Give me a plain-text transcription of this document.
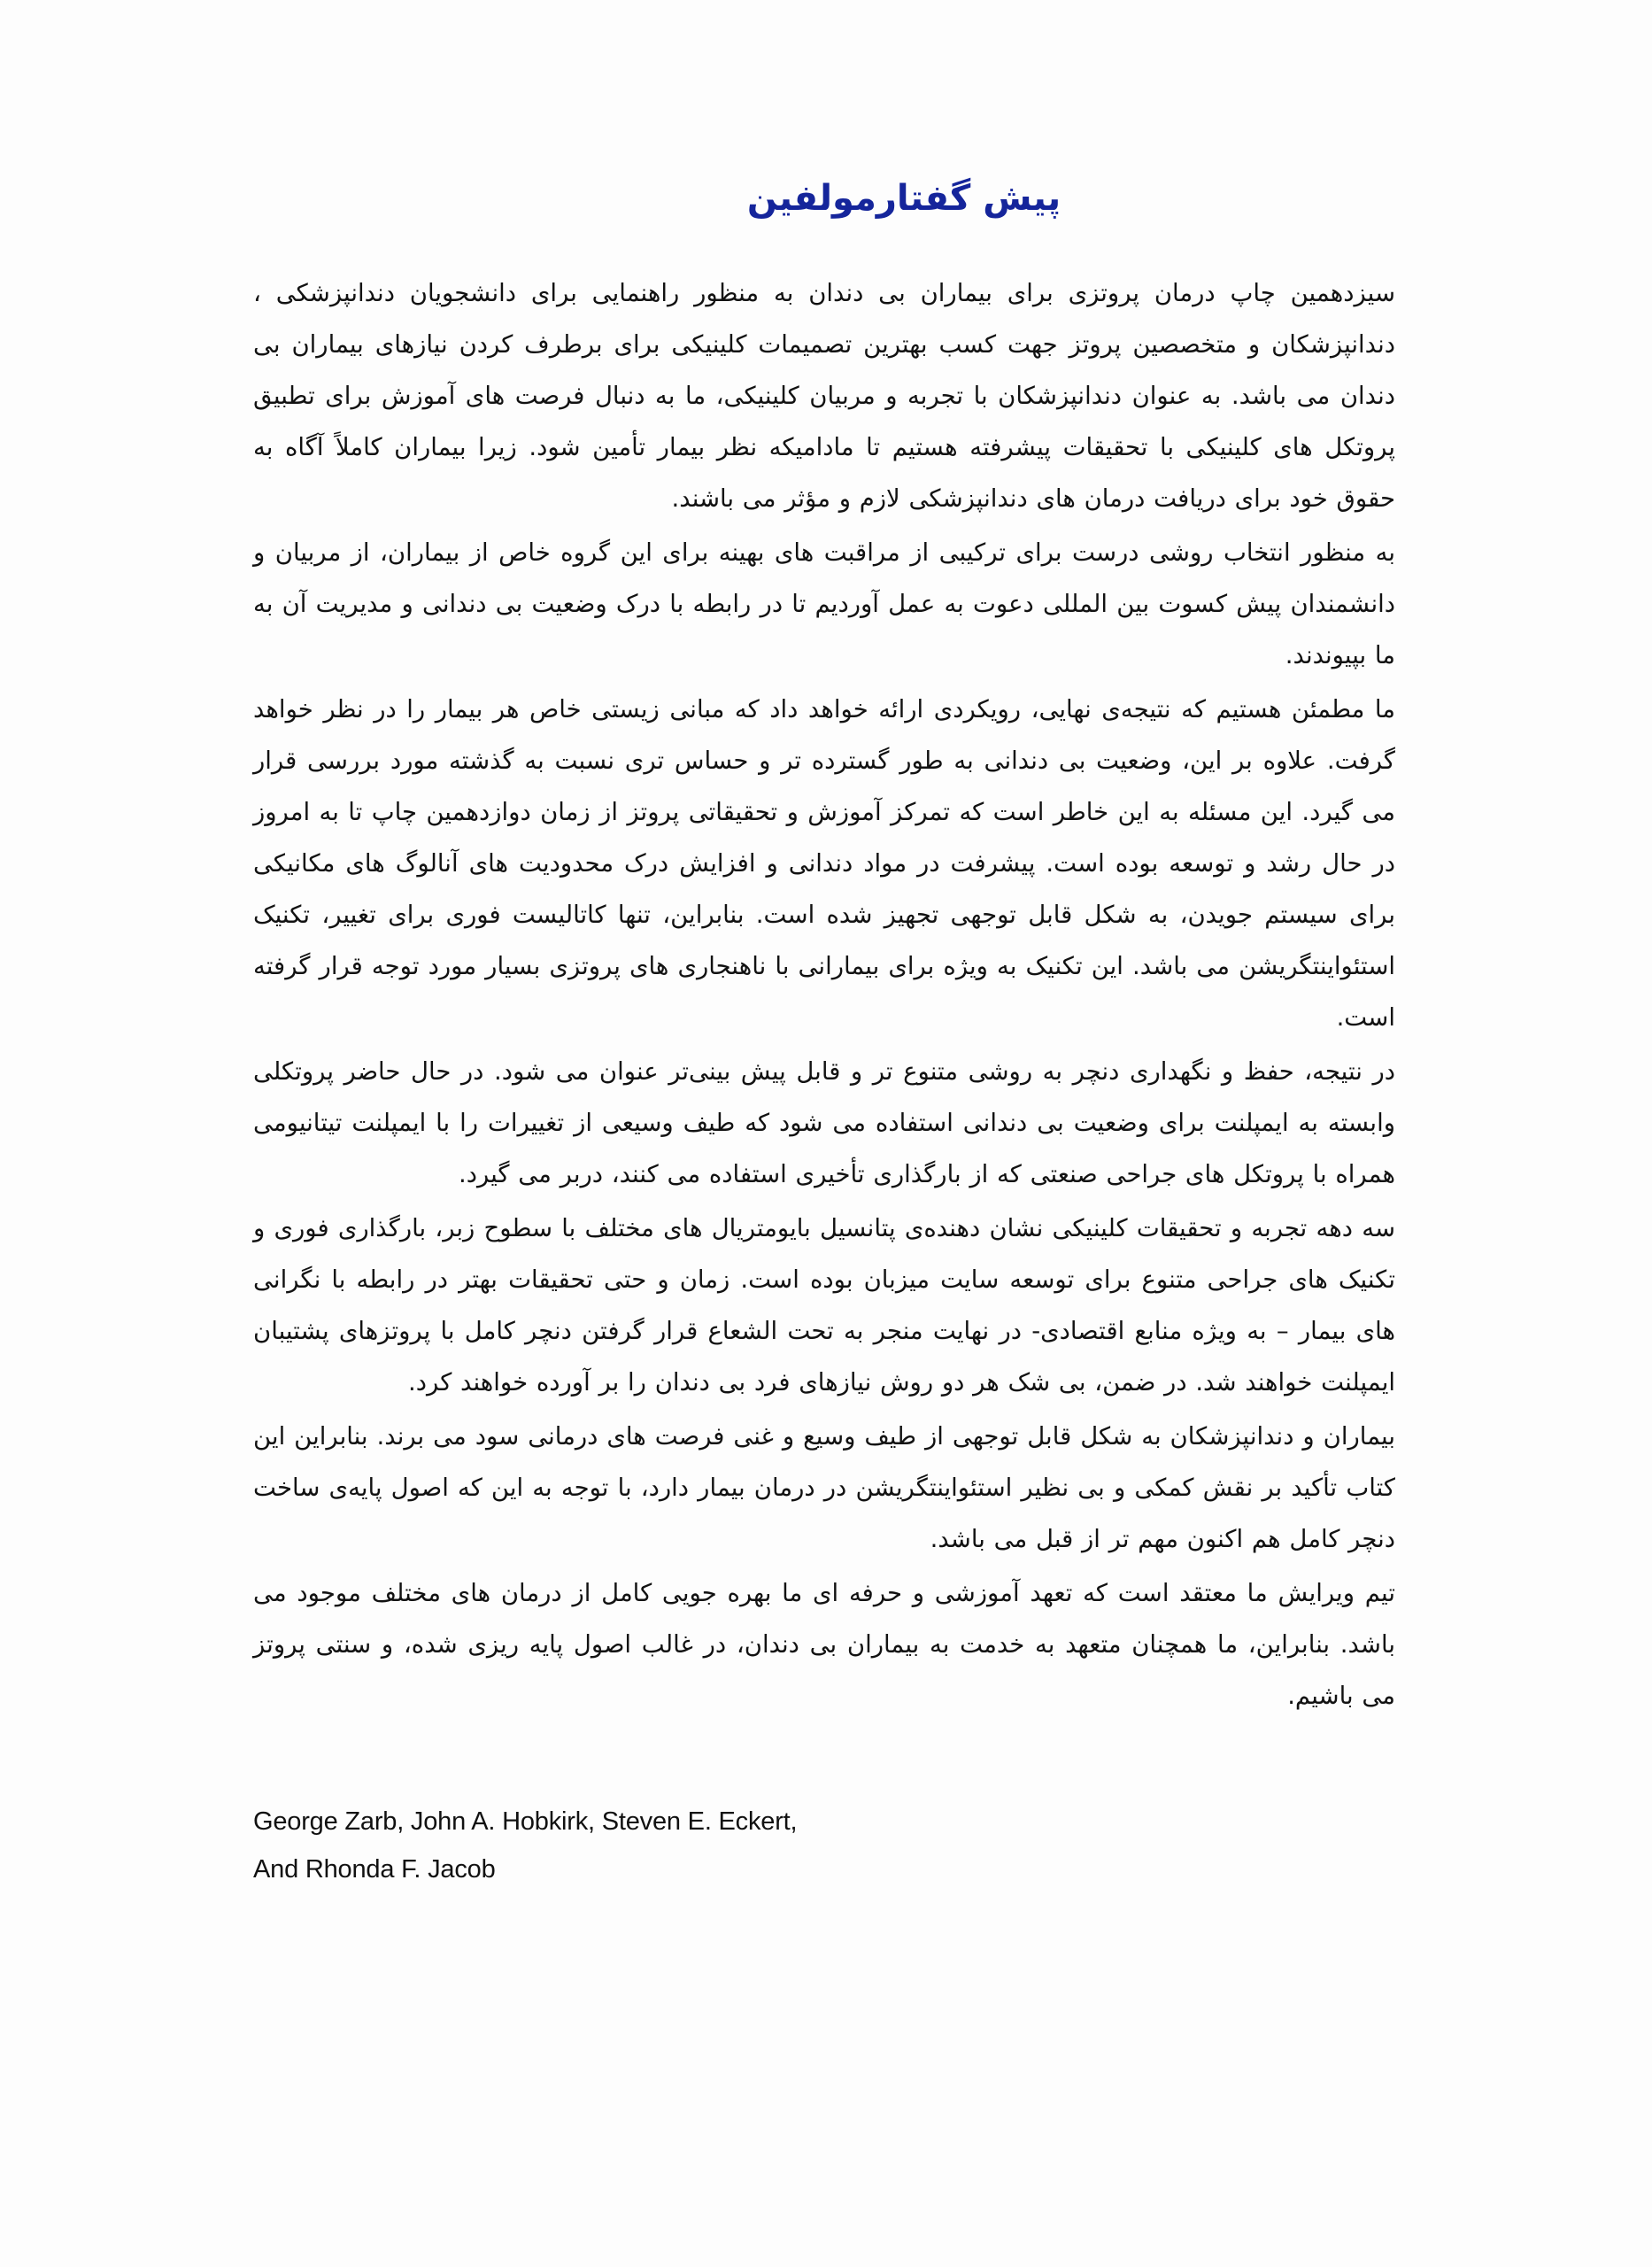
پیش گفتارمولفین

سیزدهمین چاپ درمان پروتزی برای بیماران بی دندان به منظور راهنمایی برای دانشجویان دندانپزشکی ، دندانپزشکان و متخصصین پروتز جهت کسب بهترین تصمیمات کلینیکی برای برطرف کردن نیازهای بیماران بی دندان می باشد. به عنوان دندانپزشکان با تجربه و مربیان کلینیکی، ما به دنبال فرصت های آموزش برای تطبیق پروتکل های کلینیکی با تحقیقات پیشرفته هستیم تا مادامیکه نظر بیمار تأمین شود. زیرا بیماران کاملاً آگاه به حقوق خود برای دریافت درمان های دندانپزشکی لازم و مؤثر می باشند.

به منظور انتخاب روشی درست برای ترکیبی از مراقبت های بهینه برای این گروه خاص از بیماران، از مربیان و دانشمندان پیش کسوت بین المللی دعوت به عمل آوردیم تا در رابطه با درک وضعیت بی دندانی و مدیریت آن به ما بپیوندند.

ما مطمئن هستیم که نتیجه‌ی نهایی، رویکردی ارائه خواهد داد که مبانی زیستی خاص هر بیمار را در نظر خواهد گرفت. علاوه بر این، وضعیت بی دندانی به طور گسترده تر و حساس تری نسبت به گذشته مورد بررسی قرار می گیرد. این مسئله به این خاطر است که تمرکز آموزش و تحقیقاتی پروتز از زمان دوازدهمین چاپ تا به امروز در حال رشد و توسعه بوده است. پیشرفت در مواد دندانی و افزایش درک محدودیت های آنالوگ های مکانیکی برای سیستم جویدن، به شکل قابل توجهی تجهیز شده است. بنابراین، تنها کاتالیست فوری برای تغییر، تکنیک استئواینتگریشن می باشد. این تکنیک به ویژه برای بیمارانی با ناهنجاری های پروتزی بسیار مورد توجه قرار گرفته است.

در نتیجه، حفظ و نگهداری دنچر به روشی متنوع تر و قابل پیش بینی‌تر عنوان می شود. در حال حاضر پروتکلی وابسته به ایمپلنت برای وضعیت بی دندانی استفاده می شود که طیف وسیعی از تغییرات را با ایمپلنت تیتانیومی همراه با پروتکل های جراحی صنعتی که از بارگذاری تأخیری استفاده می کنند، دربر می گیرد.

سه دهه تجربه و تحقیقات کلینیکی نشان دهنده‌ی پتانسیل بایومتریال های مختلف با سطوح زبر، بارگذاری فوری و تکنیک های جراحی متنوع برای توسعه سایت میزبان بوده است. زمان و حتی تحقیقات بهتر در رابطه با نگرانی های بیمار – به ویژه منابع اقتصادی- در نهایت منجر به تحت الشعاع قرار گرفتن دنچر کامل با پروتزهای پشتیبان ایمپلنت خواهند شد. در ضمن، بی شک هر دو روش نیازهای فرد بی دندان را بر آورده خواهند کرد.

بیماران و دندانپزشکان به شکل قابل توجهی از طیف وسیع و غنی فرصت های درمانی سود می برند. بنابراین این کتاب تأکید بر نقش کمکی و بی نظیر استئواینتگریشن در درمان بیمار دارد، با توجه به این که اصول پایه‌ی ساخت دنچر کامل هم اکنون مهم تر از قبل می باشد.

تیم ویرایش ما معتقد است که تعهد آموزشی و حرفه ای ما بهره جویی کامل از درمان های مختلف موجود می باشد. بنابراین، ما همچنان متعهد به خدمت به بیماران بی دندان، در غالب اصول پایه ریزی شده، و سنتی پروتز می باشیم.

George Zarb, John A. Hobkirk, Steven E. Eckert,
And Rhonda F. Jacob
